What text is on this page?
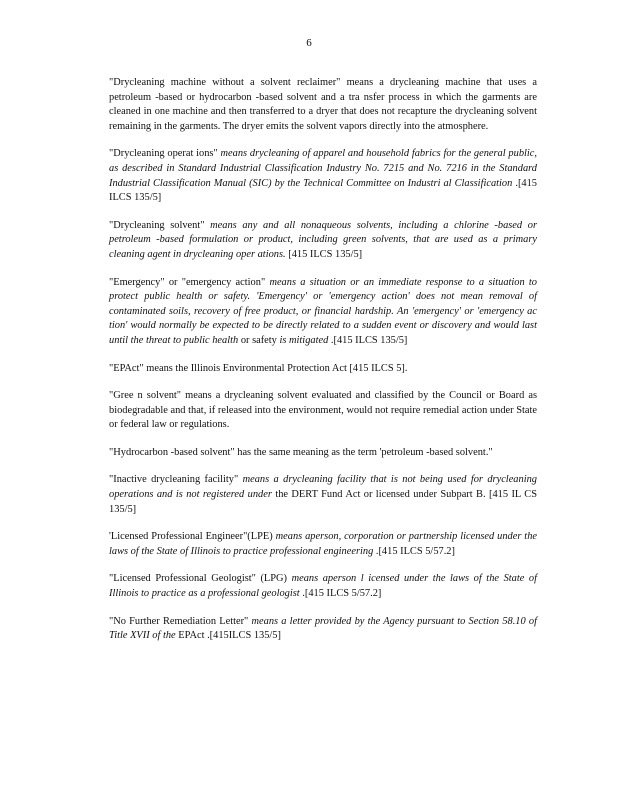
6

"Drycleaning machine without a solvent reclaimer" means a drycleaning machine that uses a petroleum -based or hydrocarbon -based solvent and a tra nsfer process in which the garments are cleaned in one machine and then transferred to a dryer that does not recapture the drycleaning solvent remaining in the garments. The dryer emits the solvent vapors directly into the atmosphere.

"Drycleaning operat ions" means drycleaning of apparel and household fabrics for the general public, as described in Standard Industrial Classification Industry No. 7215 and No. 7216 in the Standard Industrial Classification Manual (SIC) by the Technical Committee on Industri al Classification .[415 ILCS 135/5]

"Drycleaning solvent" means any and all nonaqueous solvents, including a chlorine -based or petroleum -based formulation or product, including green solvents, that are used as a primary cleaning agent in drycleaning oper ations. [415 ILCS 135/5]

"Emergency" or "emergency action" means a situation or an immediate response to a situation to protect public health or safety. 'Emergency' or 'emergency action' does not mean removal of contaminated soils, recovery of free product, or financial hardship. An 'emergency' or 'emergency ac tion' would normally be expected to be directly related to a sudden event or discovery and would last until the threat to public health or safety is mitigated .[415 ILCS 135/5]

"EPAct" means the Illinois Environmental Protection Act [415 ILCS 5].

"Gree n solvent" means a drycleaning solvent evaluated and classified by the Council or Board as biodegradable and that, if released into the environment, would not require remedial action under State or federal law or regulations.

"Hydrocarbon -based solvent" has the same meaning as the term 'petroleum -based solvent."

"Inactive drycleaning facility" means a drycleaning facility that is not being used for drycleaning operations and is not registered under the DERT Fund Act or licensed under Subpart B. [415 IL CS 135/5]

'Licensed Professional Engineer"(LPE) means aperson, corporation or partnership licensed under the laws of the State of Illinois to practice professional engineering .[415 ILCS 5/57.2]

"Licensed Professional Geologist" (LPG) means aperson l icensed under the laws of the State of Illinois to practice as a professional geologist .[415 ILCS 5/57.2]

"No Further Remediation Letter" means a letter provided by the Agency pursuant to Section 58.10 of Title XVII of the EPAct .[415ILCS 135/5]
